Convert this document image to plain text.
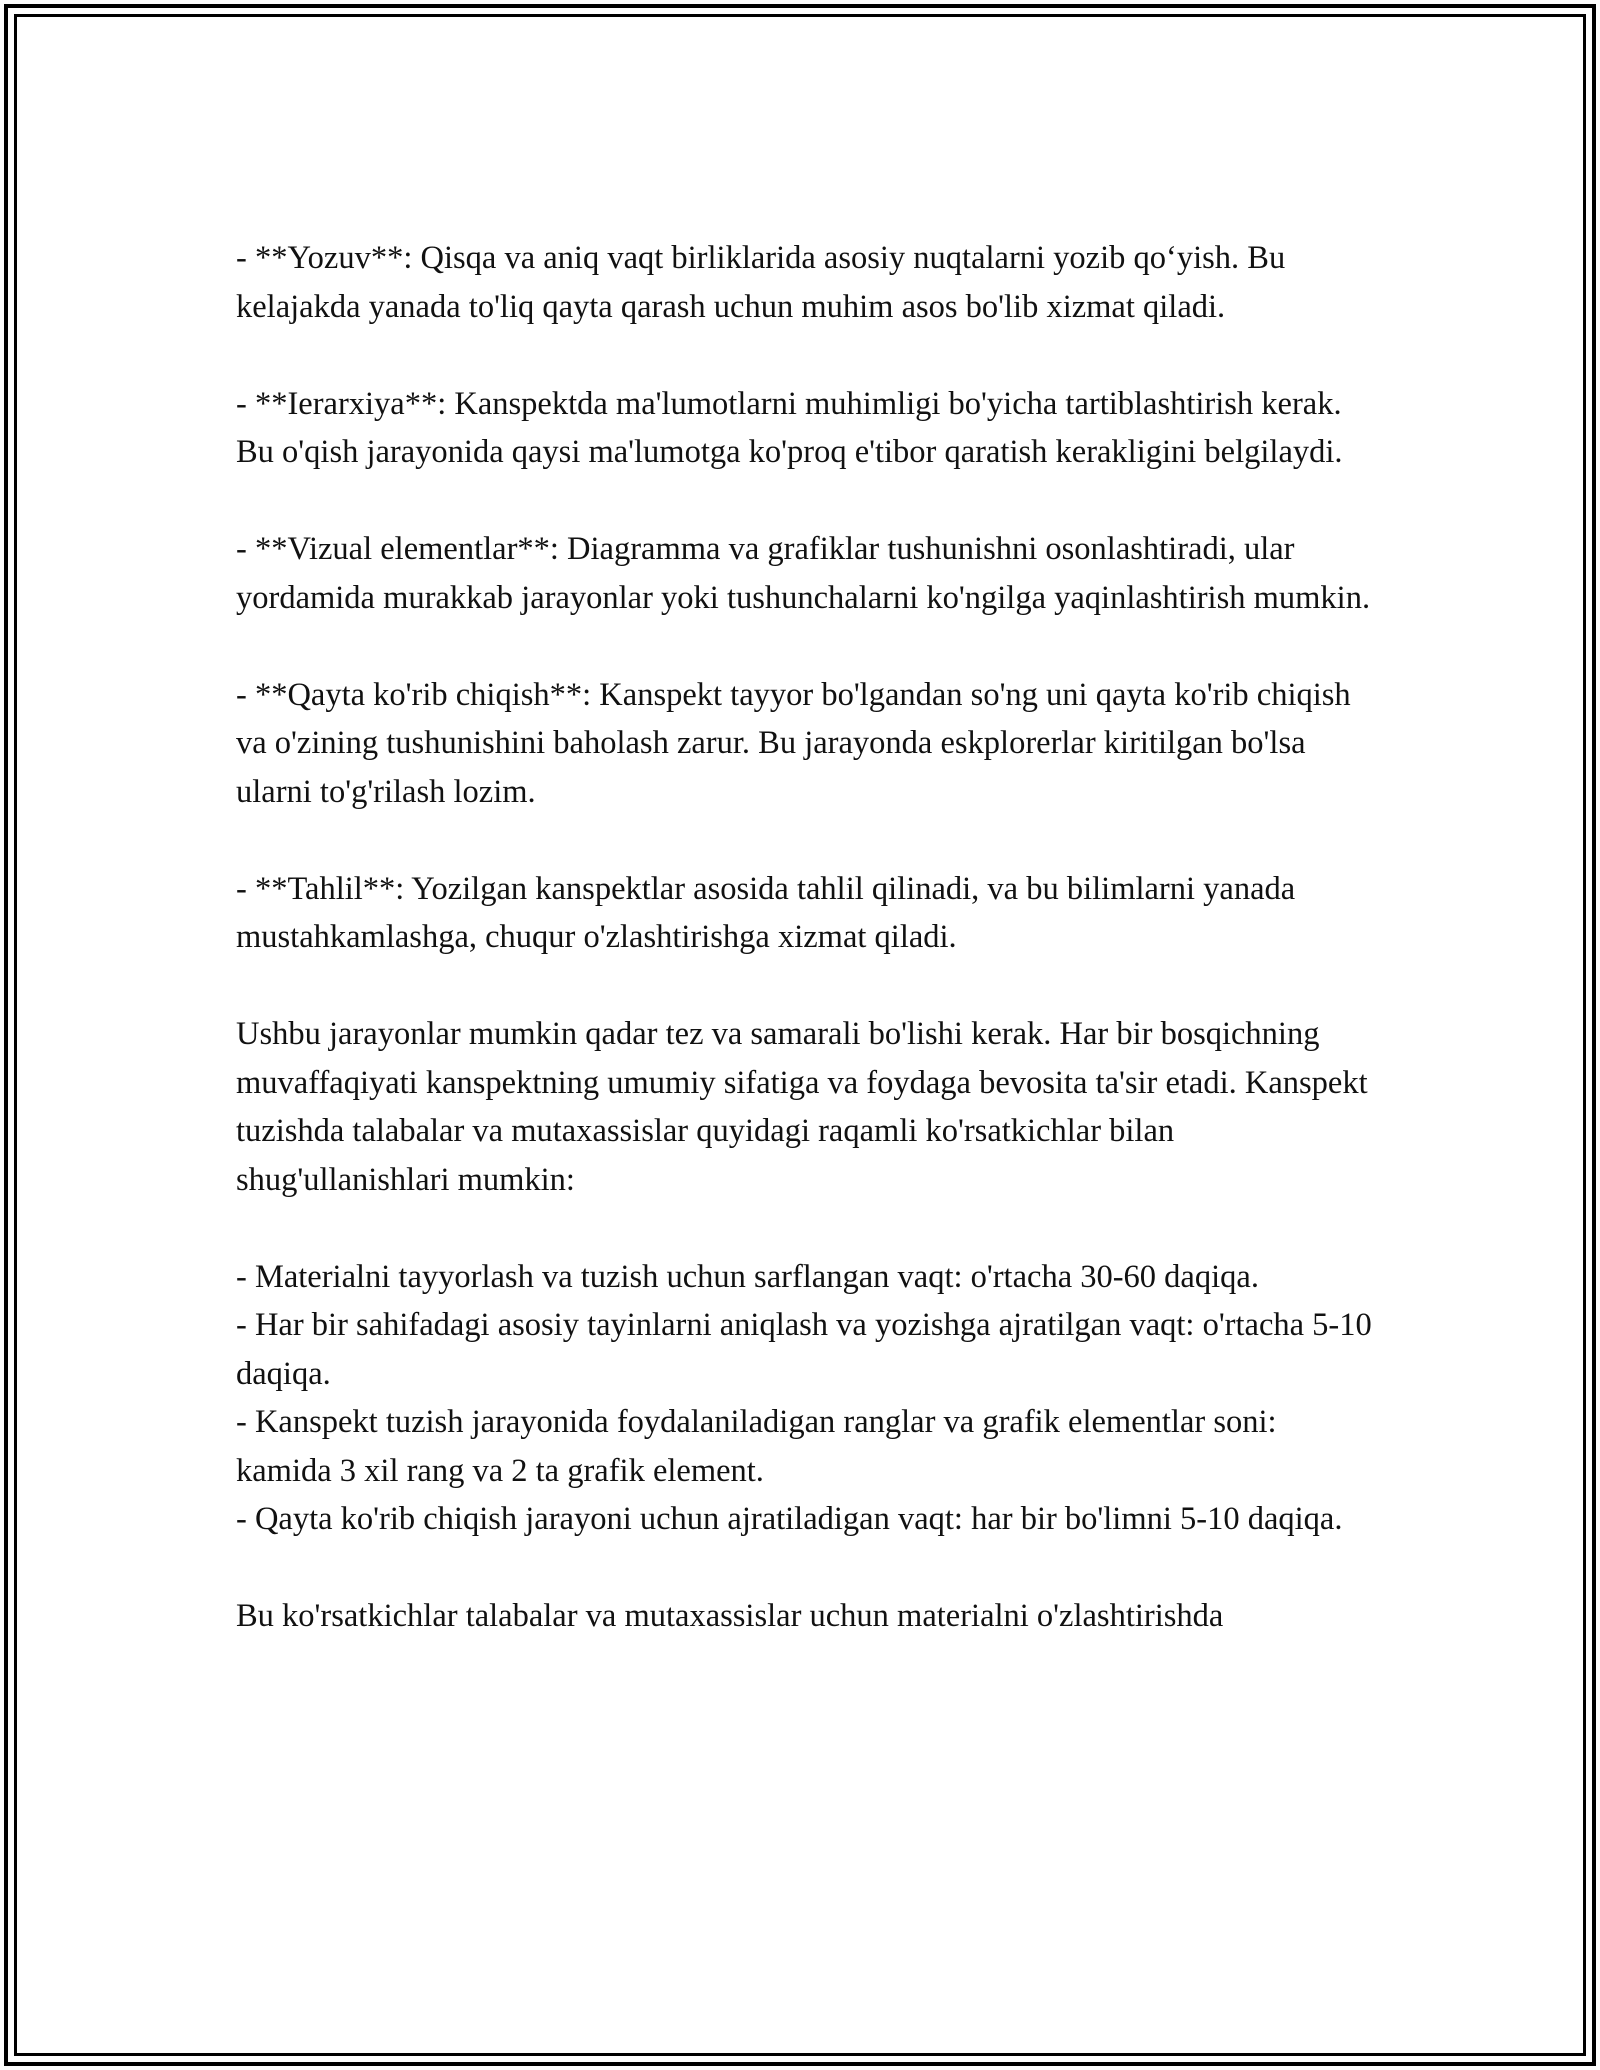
- **Yozuv**: Qisqa va aniq vaqt birliklarida asosiy nuqtalarni yozib qo‘yish. Bu kelajakda yanada to'liq qayta qarash uchun muhim asos bo'lib xizmat qiladi.

- **Ierarxiya**: Kanspektda ma'lumotlarni muhimligi bo'yicha tartiblashtirish kerak. Bu o'qish jarayonida qaysi ma'lumotga ko'proq e'tibor qaratish kerakligini belgilaydi.

- **Vizual elementlar**: Diagramma va grafiklar tushunishni osonlashtiradi, ular yordamida murakkab jarayonlar yoki tushunchalarni ko'ngilga yaqinlashtirish mumkin.

- **Qayta ko'rib chiqish**: Kanspekt tayyor bo'lgandan so'ng uni qayta ko'rib chiqish va o'zining tushunishini baholash zarur. Bu jarayonda eskplorerlar kiritilgan bo'lsa ularni to'g'rilash lozim.

- **Tahlil**: Yozilgan kanspektlar asosida tahlil qilinadi, va bu bilimlarni yanada mustahkamlashga, chuqur o'zlashtirishga xizmat qiladi.

Ushbu jarayonlar mumkin qadar tez va samarali bo'lishi kerak. Har bir bosqichning muvaffaqiyati kanspektning umumiy sifatiga va foydaga bevosita ta'sir etadi. Kanspekt tuzishda talabalar va mutaxassislar quyidagi raqamli ko'rsatkichlar bilan shug'ullanishlari mumkin:

- Materialni tayyorlash va tuzish uchun sarflangan vaqt: o'rtacha 30-60 daqiqa.

- Har bir sahifadagi asosiy tayinlarni aniqlash va yozishga ajratilgan vaqt: o'rtacha 5-10 daqiqa.

- Kanspekt tuzish jarayonida foydalaniladigan ranglar va grafik elementlar soni: kamida 3 xil rang va 2 ta grafik element.

- Qayta ko'rib chiqish jarayoni uchun ajratiladigan vaqt: har bir bo'limni 5-10 daqiqa.

Bu ko'rsatkichlar talabalar va mutaxassislar uchun materialni o'zlashtirishda
